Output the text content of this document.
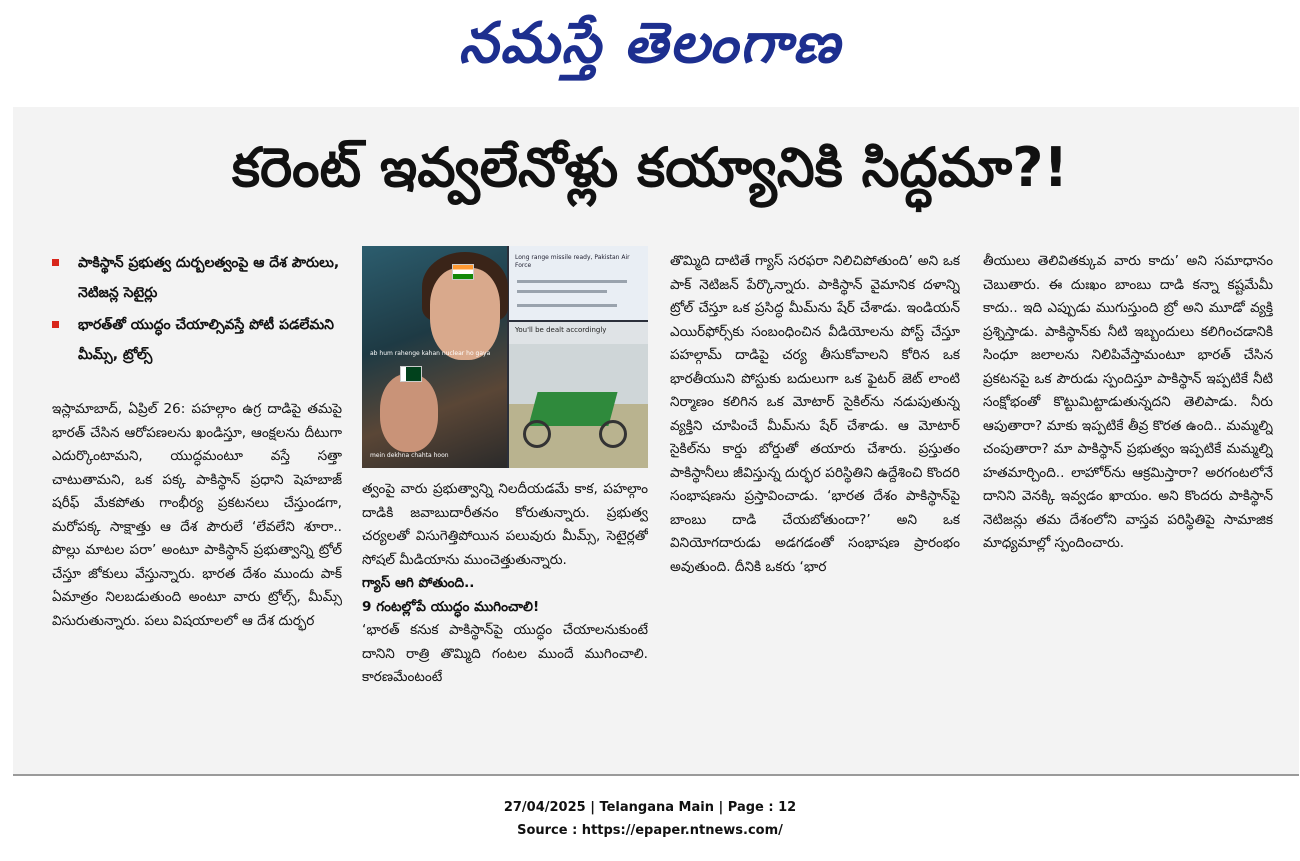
నమస్తే తెలంగాణ
కరెంట్ ఇవ్వలేనోళ్లు కయ్యానికి సిద్ధమా?!
పాకిస్థాన్ ప్రభుత్వ దుర్బలత్వంపై ఆ దేశ పౌరులు, నెటిజన్ల సెటైర్లు
భారత్‌తో యుద్ధం చేయాల్సివస్తే పోటీ పడలేమని మీమ్స్, ట్రోల్స్

ఇస్లామాబాద్, ఏప్రిల్ 26: పహల్గాం ఉగ్ర దాడిపై తమపై భారత్ చేసిన ఆరోపణలను ఖండిస్తూ, ఆంక్షలను దీటుగా ఎదుర్కొంటామని, యుద్ధమంటూ వస్తే సత్తా చాటుతామని, ఒక పక్క పాకిస్థాన్ ప్రధాని షెహబాజ్ షరీఫ్ మేకపోతు గాంభీర్య ప్రకటనలు చేస్తుండగా, మరోపక్క సాక్షాత్తు ఆ దేశ పౌరులే ‘లేవలేని శూరా.. పొల్లు మాటల పరా’ అంటూ పాకిస్థాన్ ప్రభుత్వాన్ని ట్రోల్ చేస్తూ జోకులు వేస్తున్నారు. భారత దేశం ముందు పాక్ ఏమాత్రం నిలబడుతుంది అంటూ వారు ట్రోల్స్, మీమ్స్ విసురుతున్నారు. పలు విషయాలలో ఆ దేశ దుర్భర

ab hum rahenge kahan nuclear ho gaya
mein dekhna chahta hoon
Long range missile ready, Pakistan Air Force
You'll be dealt accordingly

త్వంపై వారు ప్రభుత్వాన్ని నిలదీయడమే కాక, పహల్గాం దాడికి జవాబుదారీతనం కోరుతున్నారు. ప్రభుత్వ చర్యలతో విసుగెత్తిపోయిన పలువురు మీమ్స్, సెటైర్లతో సోషల్ మీడియాను ముంచెత్తుతున్నారు.

గ్యాస్ ఆగి పోతుంది..

9 గంటల్లోపే యుద్ధం ముగించాలి!

‘భారత్ కనుక పాకిస్థాన్‌పై యుద్ధం చేయాలనుకుంటే దానిని రాత్రి తొమ్మిది గంటల ముందే ముగించాలి. కారణమేంటంటే

తొమ్మిది దాటితే గ్యాస్ సరఫరా నిలిచిపోతుంది’ అని ఒక పాక్ నెటిజన్ పేర్కొన్నారు. పాకిస్థాన్ వైమానిక దళాన్ని ట్రోల్ చేస్తూ ఒక ప్రసిద్ధ మీమ్‌ను షేర్ చేశాడు. ఇండియన్ ఎయిర్‌ఫోర్స్‌కు సంబంధించిన వీడియోలను పోస్ట్ చేస్తూ పహల్గామ్ దాడిపై చర్య తీసుకోవాలని కోరిన ఒక భారతీయుని పోస్టుకు బదులుగా ఒక ఫైటర్ జెట్ లాంటి నిర్మాణం కలిగిన ఒక మోటార్ సైకిల్‌ను నడుపుతున్న వ్యక్తిని చూపించే మీమ్‌ను షేర్ చేశాడు. ఆ మోటార్ సైకిల్‌ను కార్డు బోర్డుతో తయారు చేశారు. ప్రస్తుతం పాకిస్థానీలు జీవిస్తున్న దుర్భర పరిస్థితిని ఉద్దేశించి కొందరి సంభాషణను ప్రస్తావించాడు. ‘భారత దేశం పాకిస్థాన్‌పై బాంబు దాడి చేయబోతుందా?’ అని ఒక వినియోగదారుడు అడగడంతో సంభాషణ ప్రారంభం అవుతుంది. దీనికి ఒకరు ‘భార

తీయులు తెలివితక్కువ వారు కాదు’ అని సమాధానం చెబుతారు. ఈ దుఃఖం బాంబు దాడి కన్నా కష్టమేమీ కాదు.. ఇది ఎప్పుడు ముగుస్తుంది బ్రో అని మూడో వ్యక్తి ప్రశ్నిస్తాడు. పాకిస్థాన్‌కు నీటి ఇబ్బందులు కలిగించడానికి సింధూ జలాలను నిలిపివేస్తామంటూ భారత్ చేసిన ప్రకటనపై ఒక పౌరుడు స్పందిస్తూ పాకిస్థాన్ ఇప్పటికే నీటి సంక్షోభంతో కొట్టుమిట్టాడుతున్నదని తెలిపాడు. నీరు ఆపుతారా? మాకు ఇప్పటికే తీవ్ర కొరత ఉంది.. మమ్మల్ని చంపుతారా? మా పాకిస్థాన్ ప్రభుత్వం ఇప్పటికే మమ్మల్ని హతమార్చింది.. లాహోర్‌ను ఆక్రమిస్తారా? అరగంటలోనే దానిని వెనక్కి ఇవ్వడం ఖాయం. అని కొందరు పాకిస్థాన్ నెటిజన్లు తమ దేశంలోని వాస్తవ పరిస్థితిపై సామాజిక మాధ్యమాల్లో స్పందించారు.

27/04/2025 | Telangana Main | Page : 12
Source : https://epaper.ntnews.com/
